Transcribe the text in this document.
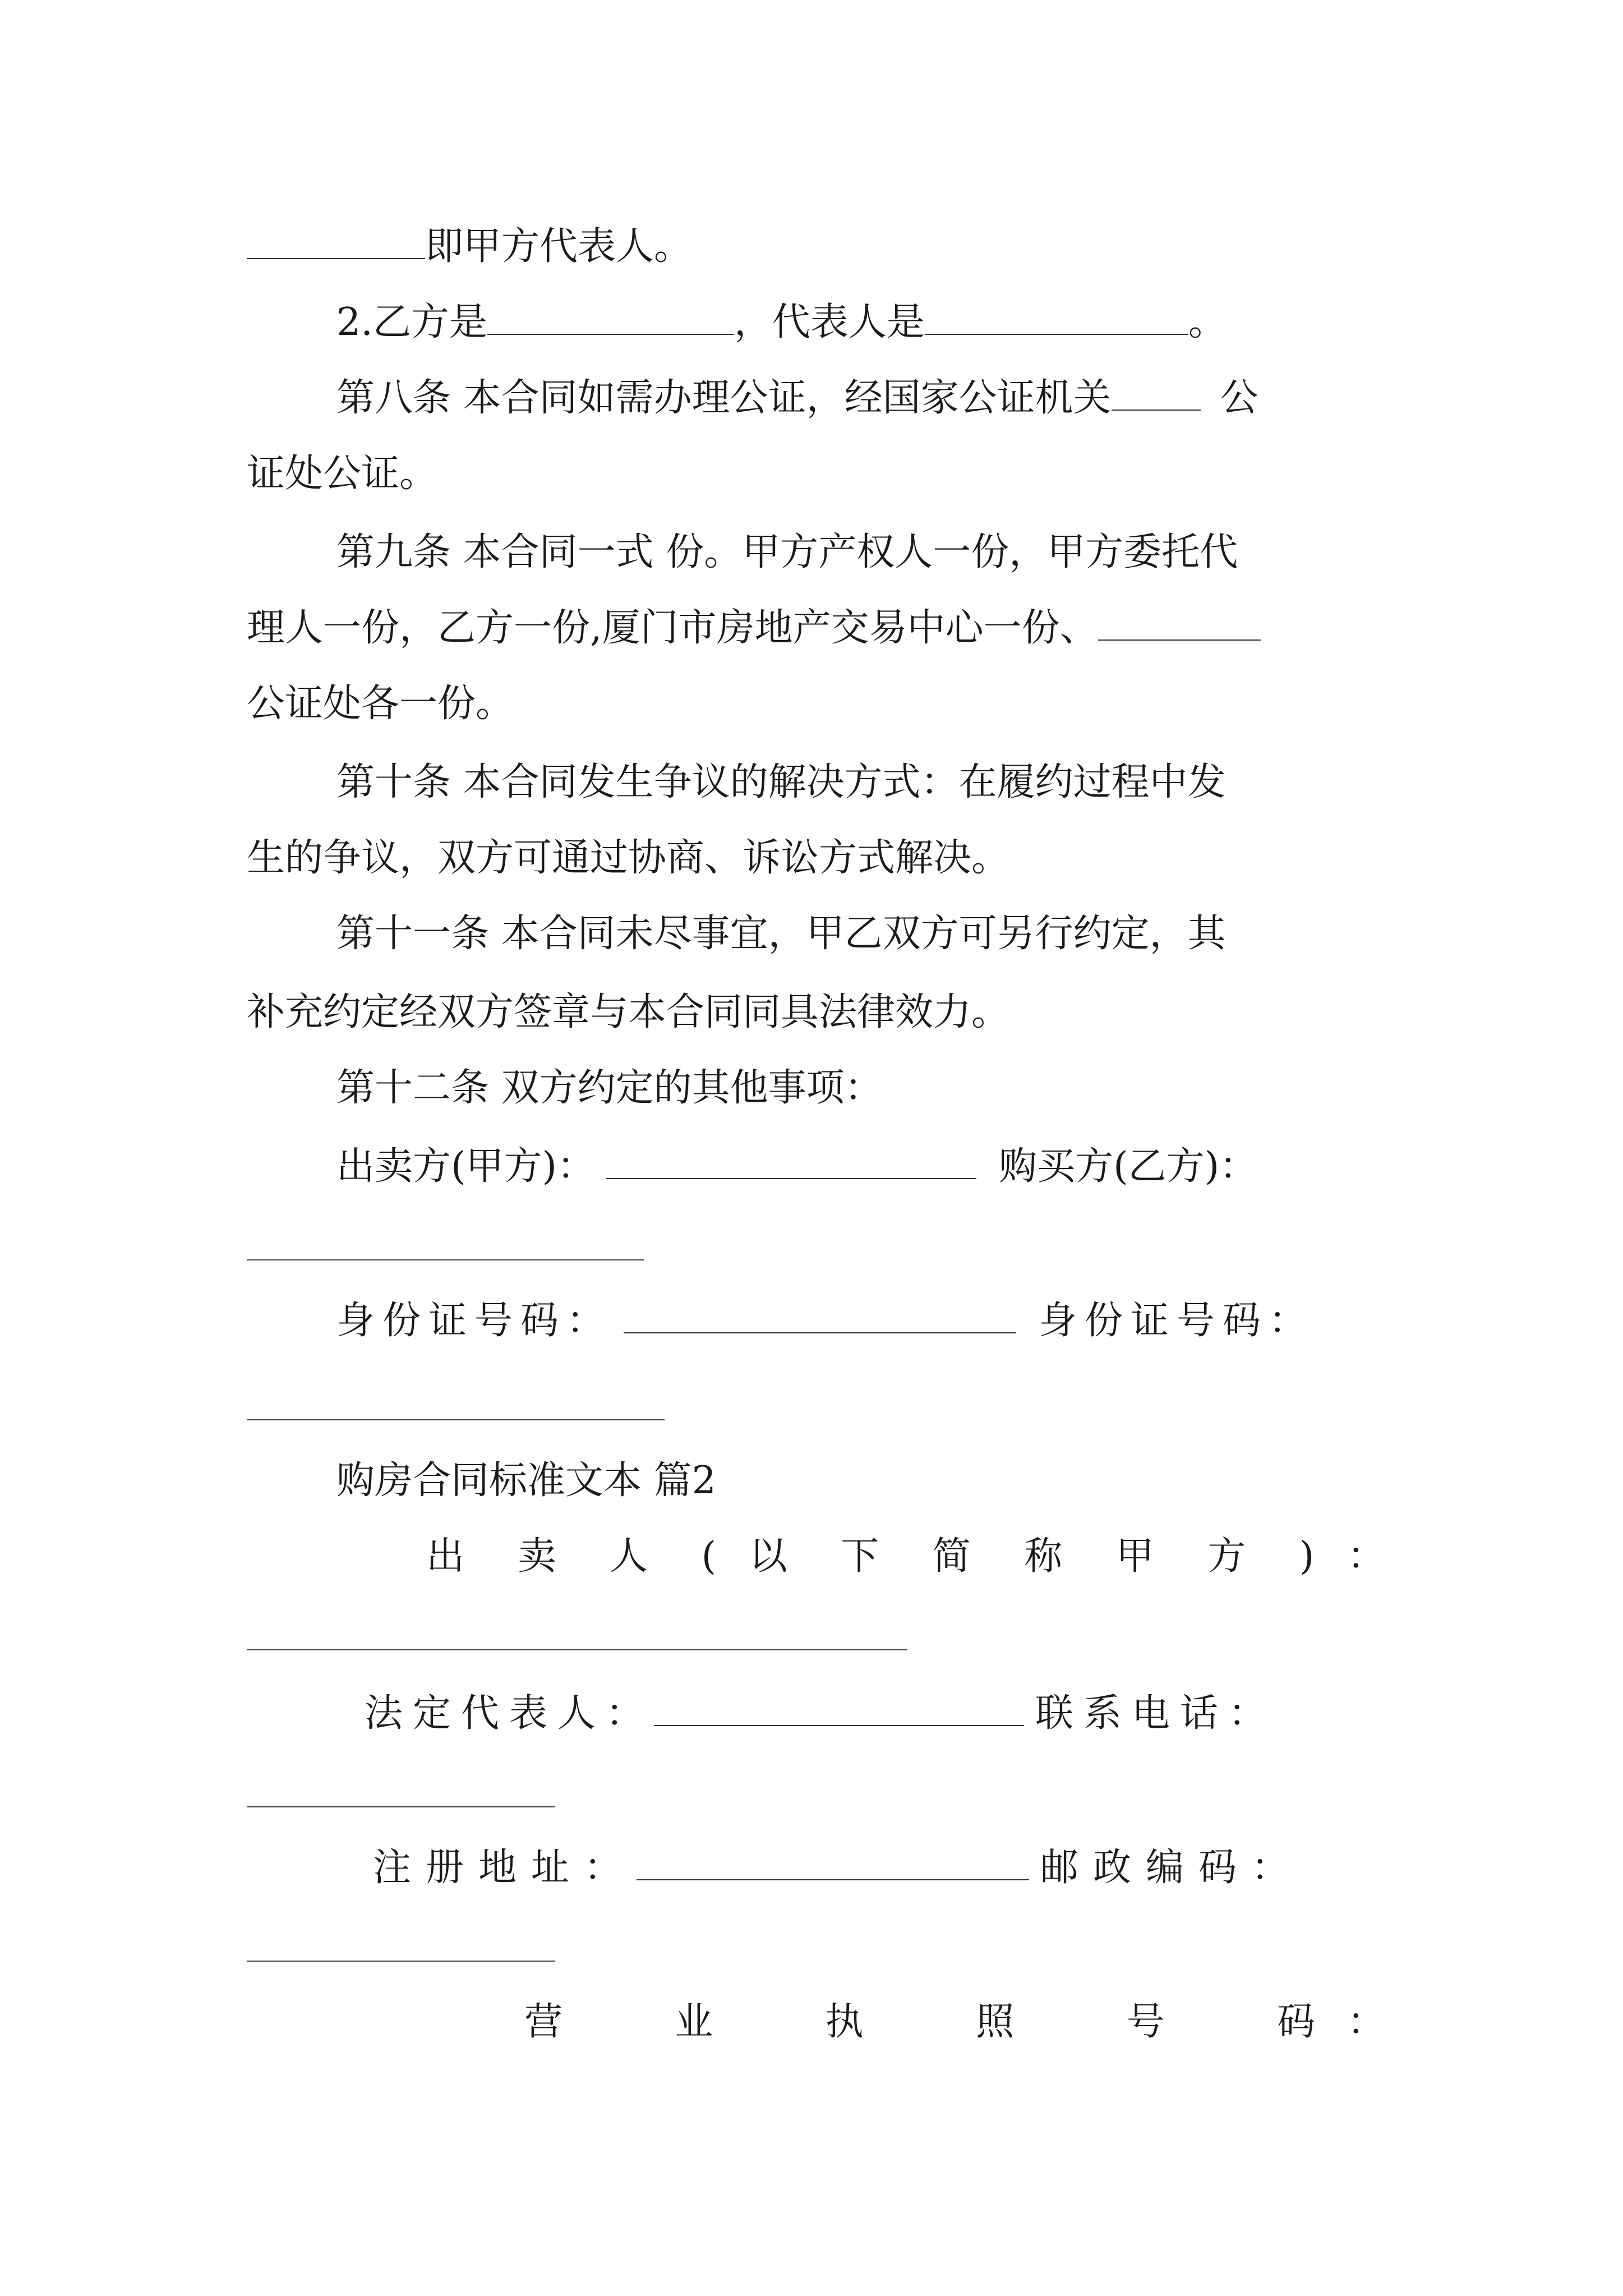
即甲方代表人。
2.乙方是	，代表人是	。
第八条 本合同如需办理公证，经国家公证机关	公
证处公证。
第九条 本合同一式 份。甲方产权人一份，甲方委托代
理人一份，乙方一份,厦门市房地产交易中心一份、
公证处各一份。
第十条 本合同发生争议的解决方式：在履约过程中发
生的争议，双方可通过协商、诉讼方式解决。
第十一条 本合同未尽事宜，甲乙双方可另行约定，其
补充约定经双方签章与本合同同具法律效力。
第十二条 双方约定的其他事项：
出卖方(甲方)：	购买方(乙方)：
身份证号码：	身份证号码：
购房合同标准文本 篇2
出 卖 人 ( 以 下 简 称 甲 方 ) ：
法定代表人：	联系电话：
注册地址：	邮政编码：
营 业 执 照 号 码 ：
